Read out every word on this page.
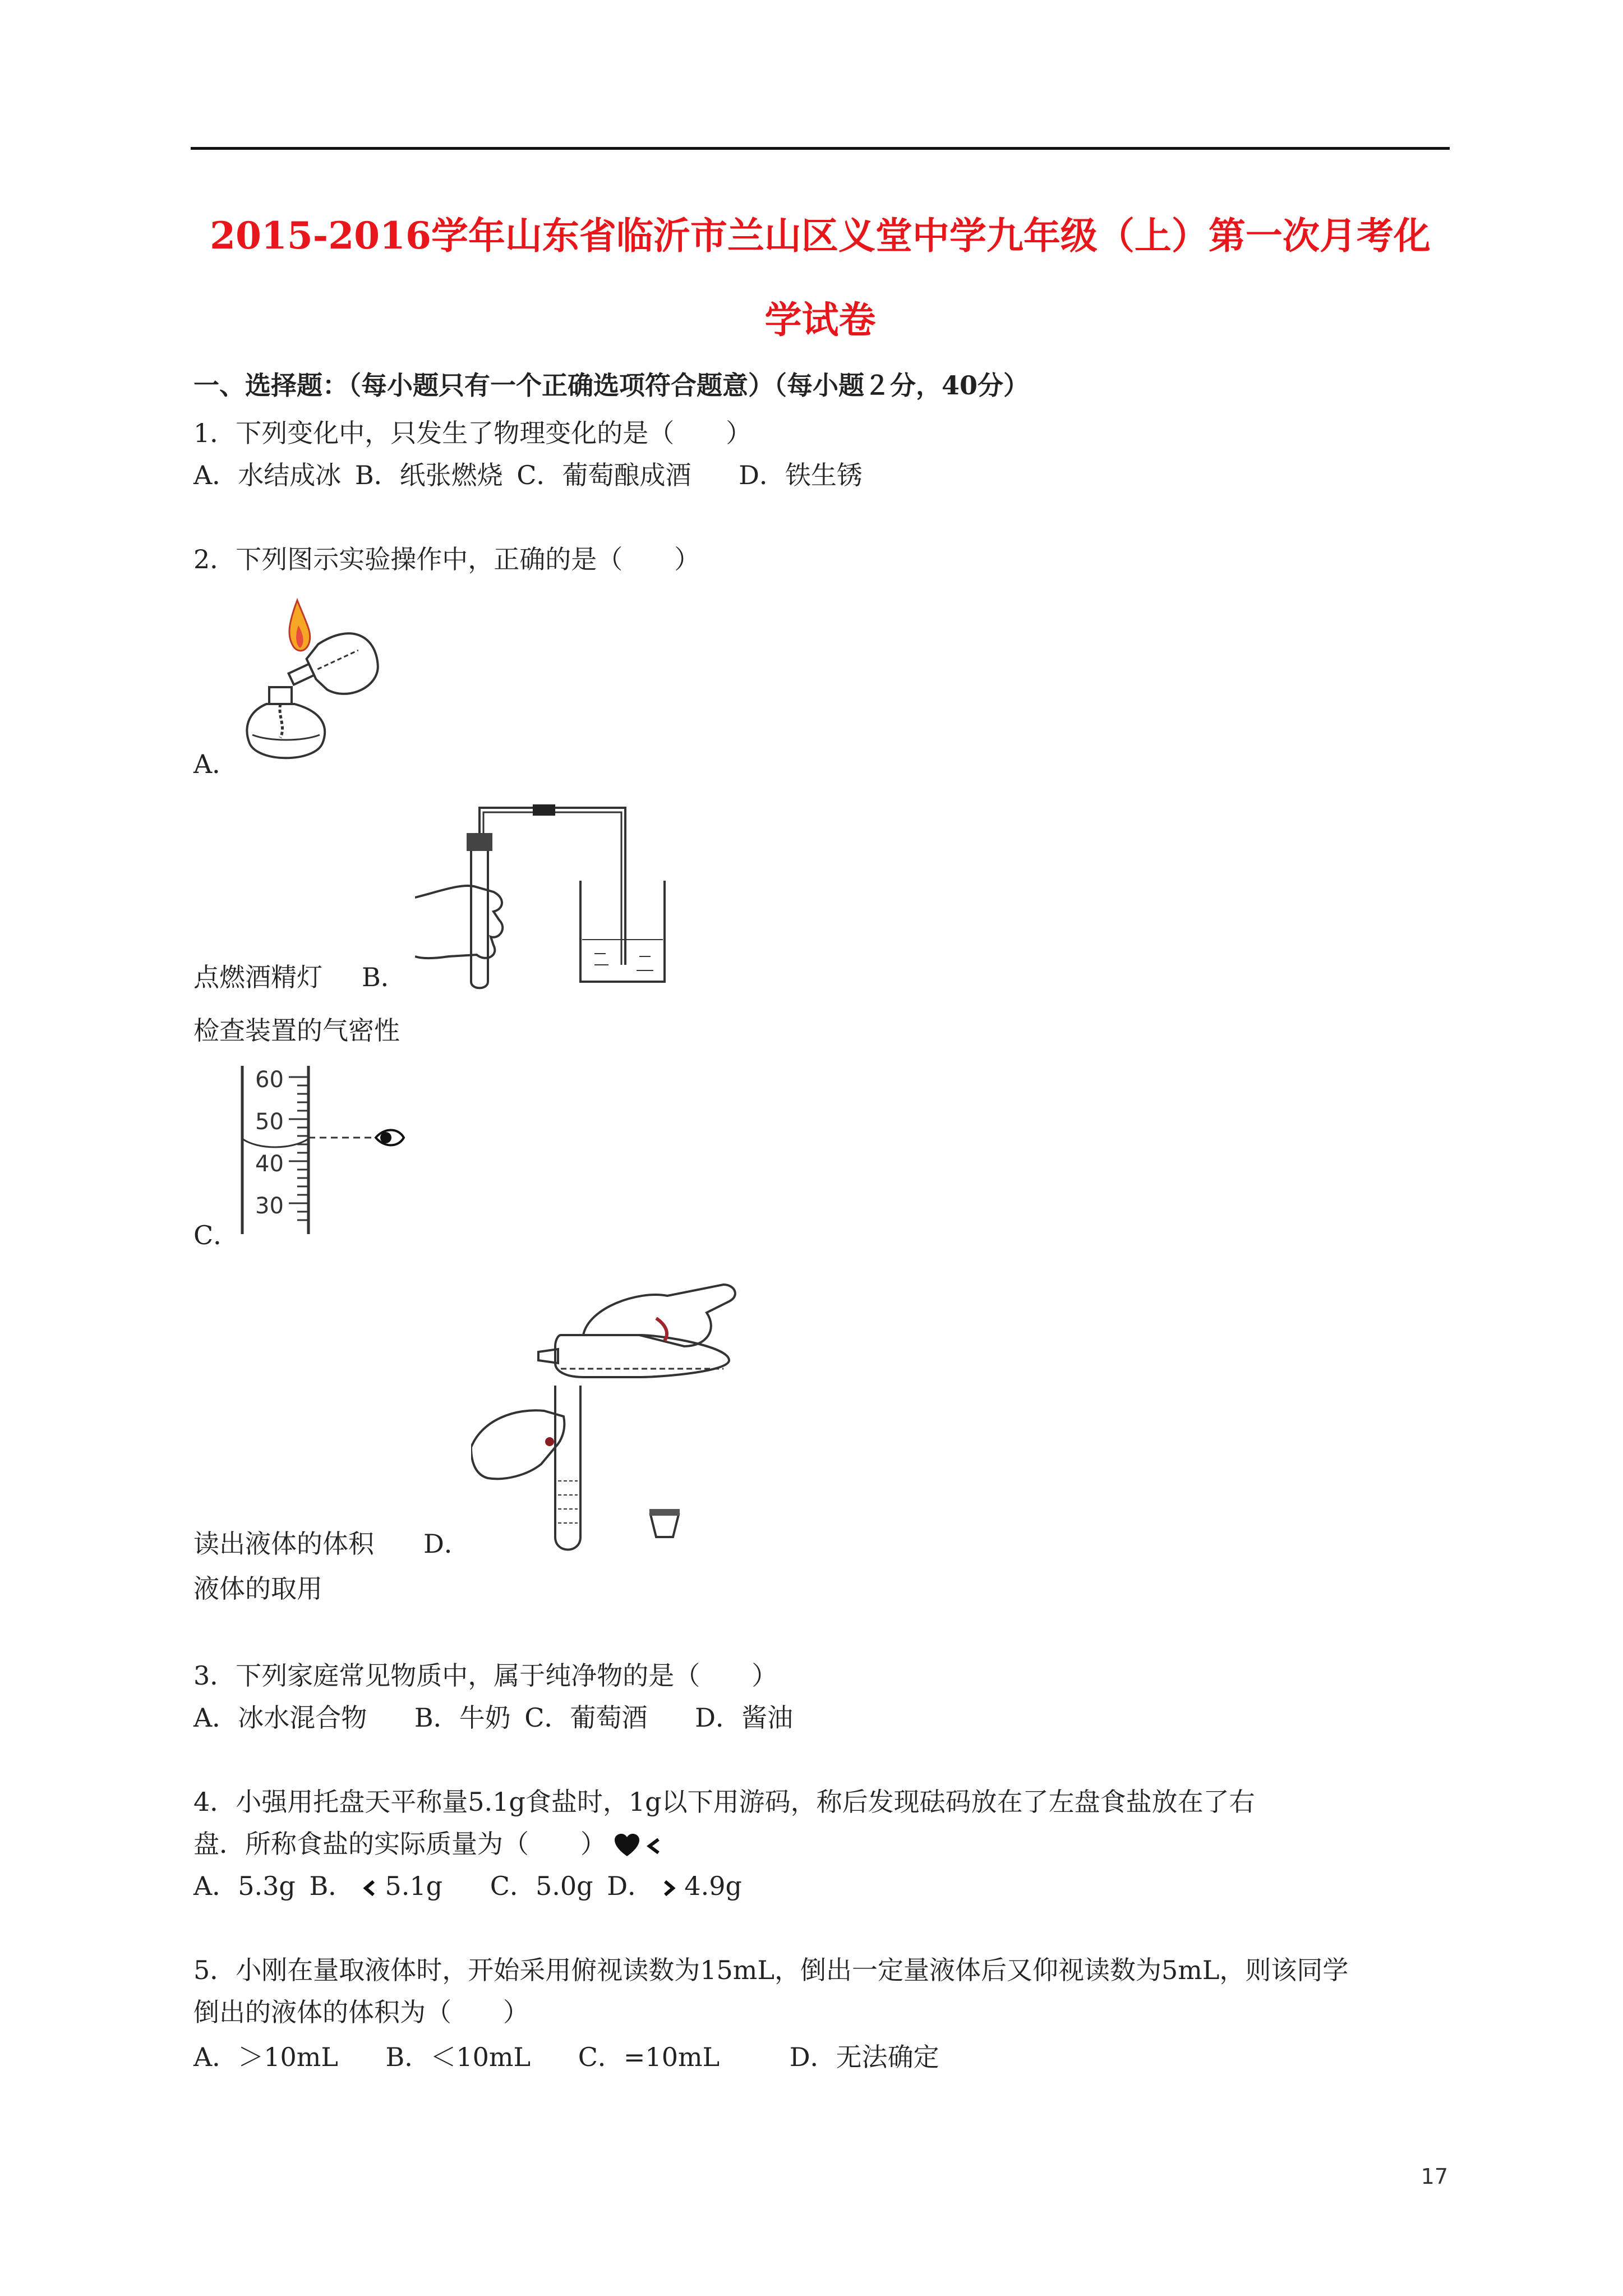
2015-2016学年山东省临沂市兰山区义堂中学九年级（上）第一次月考化
学试卷
一、选择题：（每小题只有一个正确选项符合题意）（每小题２分，40分）
1．下列变化中，只发生了物理变化的是（　　）
A．水结成冰 B．纸张燃烧 C．葡萄酿成酒 D．铁生锈
2．下列图示实验操作中，正确的是（　　）
A．
点燃酒精灯 B．
检查装置的气密性
60
50
40
30
C．
读出液体的体积 D．
液体的取用
3．下列家庭常见物质中，属于纯净物的是（　　）
A．冰水混合物 B．牛奶 C．葡萄酒 D．酱油
4．小强用托盘天平称量5.1g食盐时，1g以下用游码，称后发现砝码放在了左盘食盐放在了右
盘．所称食盐的实际质量为（　　）
A．5.3g B． 5.1g C．5.0g D． 4.9g
5．小刚在量取液体时，开始采用俯视读数为15mL，倒出一定量液体后又仰视读数为5mL，则该同学
倒出的液体的体积为（　　）
A．＞10mL B．＜10mL C．=10mL	D．无法确定
17
